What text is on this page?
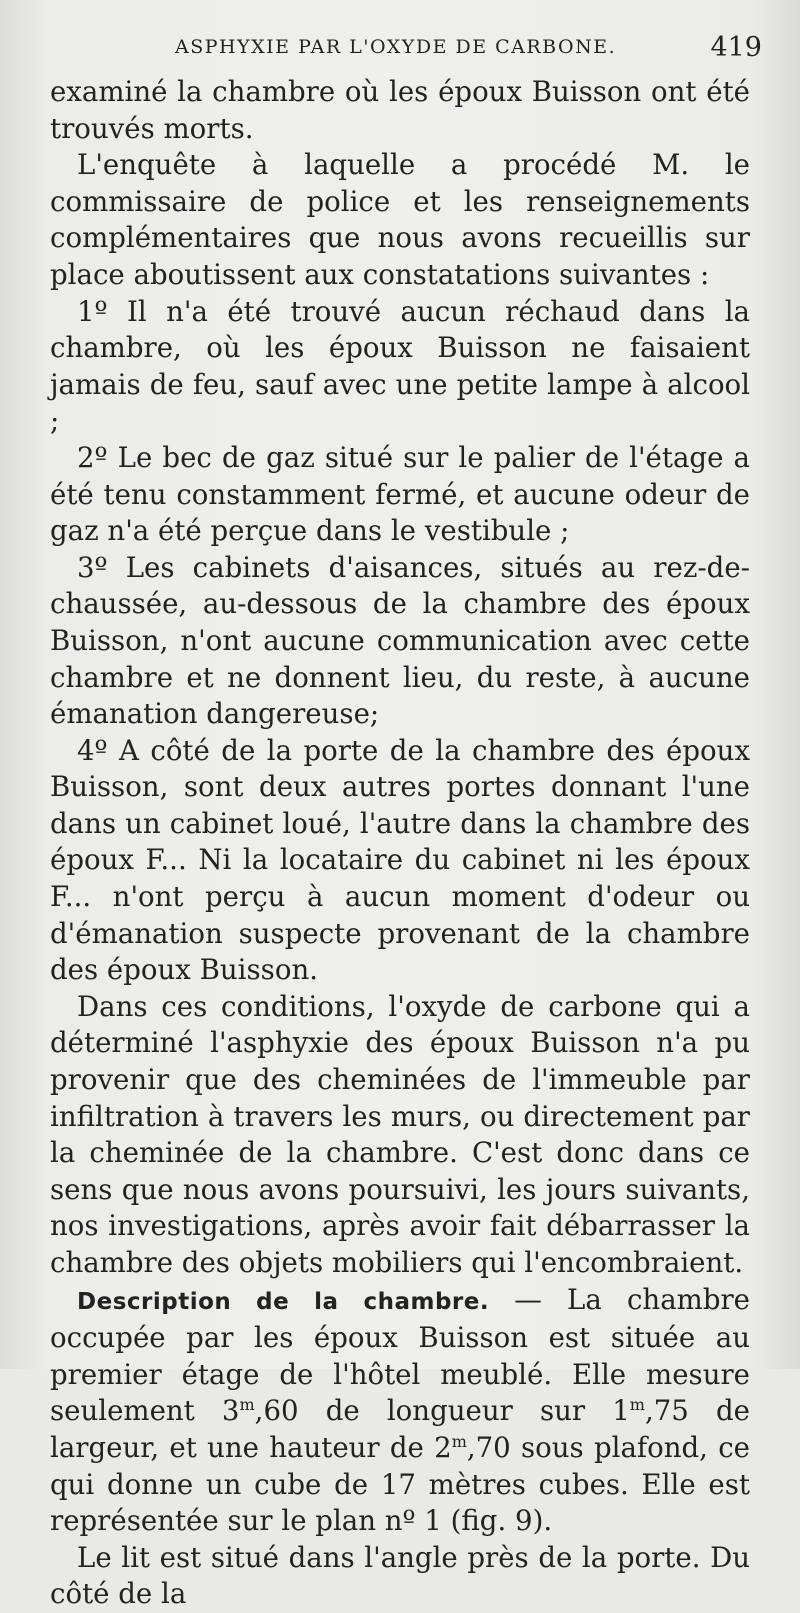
ASPHYXIE PAR L'OXYDE DE CARBONE.	419

examiné la chambre où les époux Buisson ont été trouvés morts.

L'enquête à laquelle a procédé M. le commissaire de police et les renseignements complémentaires que nous avons recueillis sur place aboutissent aux constatations suivantes :

1º Il n'a été trouvé aucun réchaud dans la chambre, où les époux Buisson ne faisaient jamais de feu, sauf avec une petite lampe à alcool ;

2º Le bec de gaz situé sur le palier de l'étage a été tenu constamment fermé, et aucune odeur de gaz n'a été perçue dans le vestibule ;

3º Les cabinets d'aisances, situés au rez-de-chaussée, au-dessous de la chambre des époux Buisson, n'ont aucune communication avec cette chambre et ne donnent lieu, du reste, à aucune émanation dangereuse;

4º A côté de la porte de la chambre des époux Buisson, sont deux autres portes donnant l'une dans un cabinet loué, l'autre dans la chambre des époux F... Ni la locataire du cabinet ni les époux F... n'ont perçu à aucun moment d'odeur ou d'émanation suspecte provenant de la chambre des époux Buisson.

Dans ces conditions, l'oxyde de carbone qui a déterminé l'asphyxie des époux Buisson n'a pu provenir que des cheminées de l'immeuble par infiltration à travers les murs, ou directement par la cheminée de la chambre. C'est donc dans ce sens que nous avons poursuivi, les jours suivants, nos investigations, après avoir fait débarrasser la chambre des objets mobiliers qui l'encombraient.

Description de la chambre. — La chambre occupée par les époux Buisson est située au premier étage de l'hôtel meublé. Elle mesure seulement 3$^m$,60 de longueur sur 1$^m$,75 de largeur, et une hauteur de 2$^m$,70 sous plafond, ce qui donne un cube de 17 mètres cubes. Elle est représentée sur le plan nº 1 (fig. 9).

Le lit est situé dans l'angle près de la porte. Du côté de la
